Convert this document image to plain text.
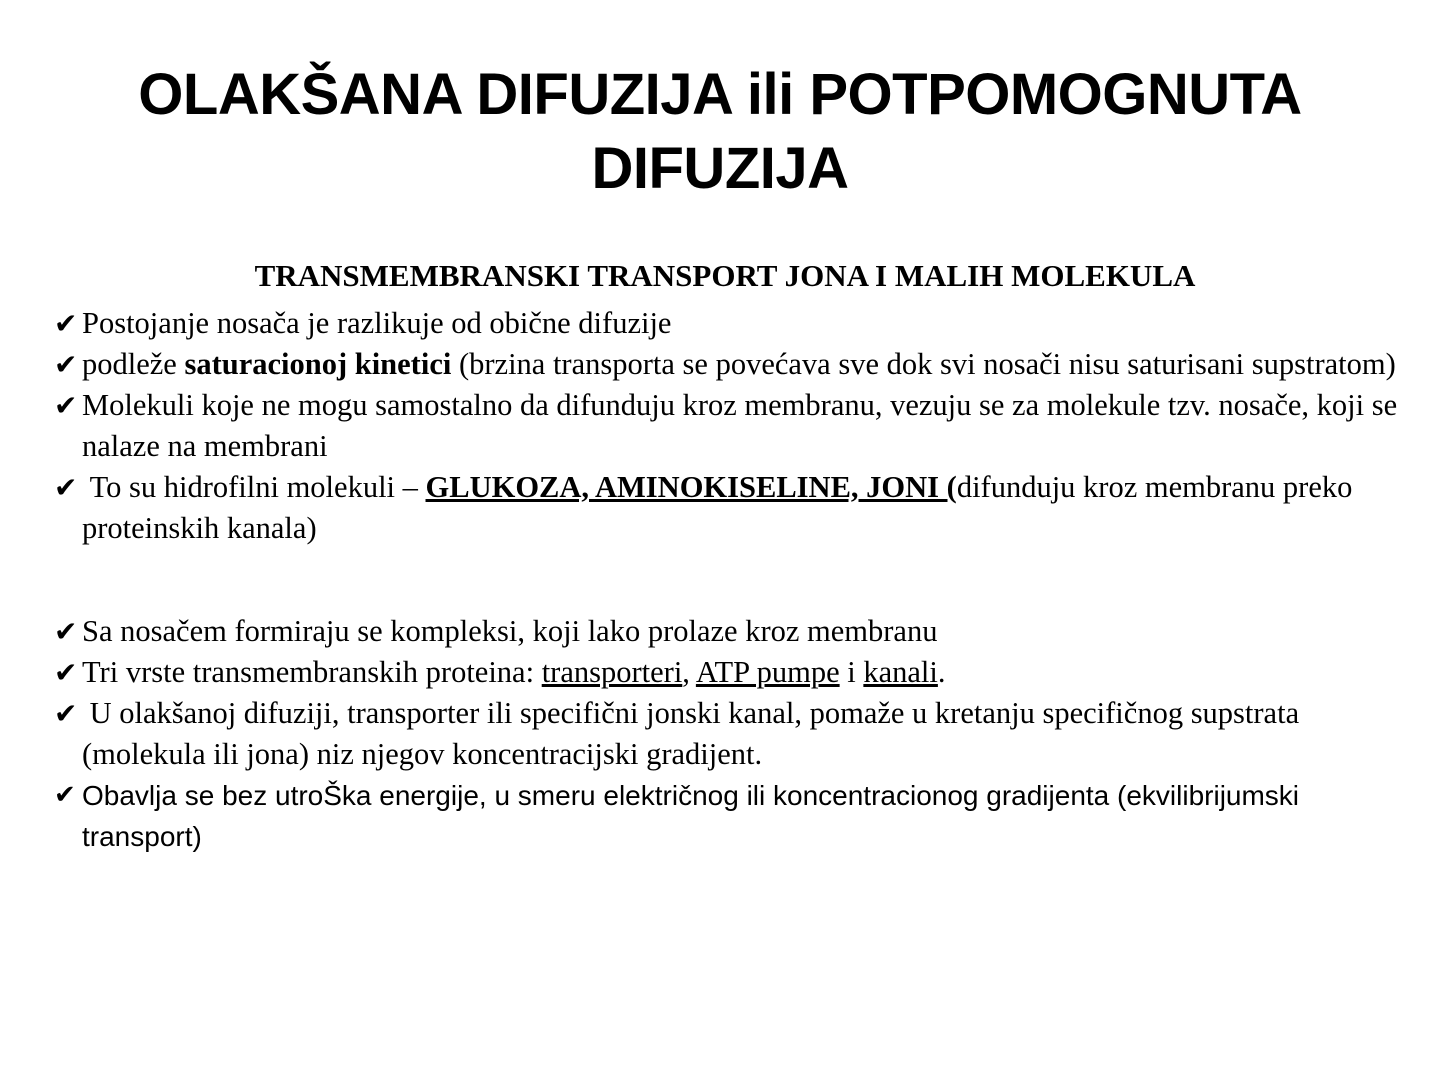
OLAKŠANA DIFUZIJA ili POTPOMOGNUTA
DIFUZIJA
TRANSMEMBRANSKI TRANSPORT JONA I MALIH MOLEKULA
✔ Postojanje nosača je razlikuje od obične difuzije
✔ podleže saturacionoj kinetici (brzina transporta se povećava sve dok svi nosači nisu saturisani supstratom)
✔ Molekuli koje ne mogu samostalno da difunduju kroz membranu, vezuju se za molekule tzv. nosače, koji se nalaze na membrani
✔ To su hidrofilni molekuli – GLUKOZA, AMINOKISELINE, JONI (difunduju kroz membranu preko proteinskih kanala)
✔ Sa nosačem formiraju se kompleksi, koji lako prolaze kroz membranu
✔ Tri vrste transmembranskih proteina: transporteri, ATP pumpe i kanali.
✔ U olakšanoj difuziji, transporter ili specifični jonski kanal, pomaže u kretanju specifičnog supstrata (molekula ili jona) niz njegov koncentracijski gradijent.
✔ Obavlja se bez utroŠka energije, u smeru električnog ili koncentracionog gradijenta (ekvilibrijumski transport)
